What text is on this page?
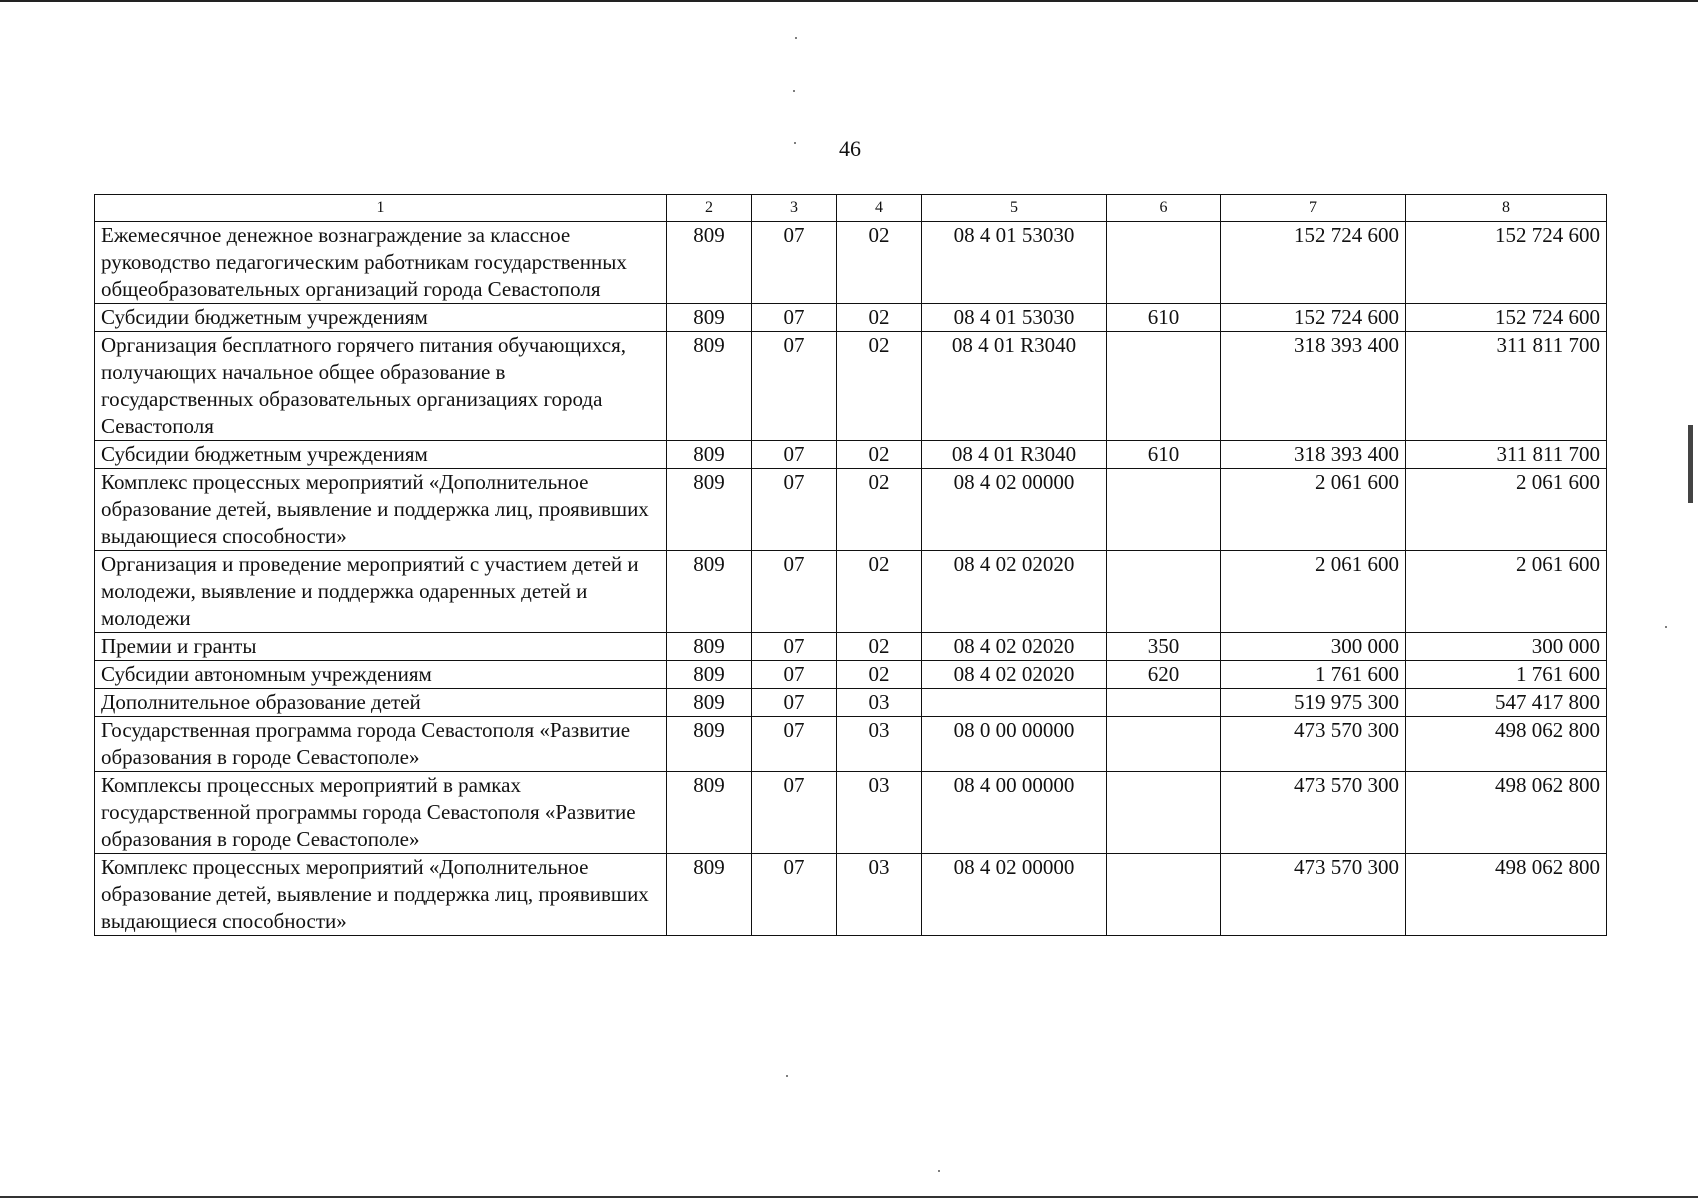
46
1	2	3	4	5	6	7	8
Ежемесячное денежное вознаграждение за классное руководство педагогическим работникам государственных общеобразовательных организаций города Севастополя	809	07	02	08 4 01 53030		152 724 600	152 724 600
Субсидии бюджетным учреждениям	809	07	02	08 4 01 53030	610	152 724 600	152 724 600
Организация бесплатного горячего питания обучающихся, получающих начальное общее образование в государственных образовательных организациях города Севастополя	809	07	02	08 4 01 R3040		318 393 400	311 811 700
Субсидии бюджетным учреждениям	809	07	02	08 4 01 R3040	610	318 393 400	311 811 700
Комплекс процессных мероприятий «Дополнительное образование детей, выявление и поддержка лиц, проявивших выдающиеся способности»	809	07	02	08 4 02 00000		2 061 600	2 061 600
Организация и проведение мероприятий с участием детей и молодежи, выявление и поддержка одаренных детей и молодежи	809	07	02	08 4 02 02020		2 061 600	2 061 600
Премии и гранты	809	07	02	08 4 02 02020	350	300 000	300 000
Субсидии автономным учреждениям	809	07	02	08 4 02 02020	620	1 761 600	1 761 600
Дополнительное образование детей	809	07	03			519 975 300	547 417 800
Государственная программа города Севастополя «Развитие образования в городе Севастополе»	809	07	03	08 0 00 00000		473 570 300	498 062 800
Комплексы процессных мероприятий в рамках государственной программы города Севастополя «Развитие образования в городе Севастополе»	809	07	03	08 4 00 00000		473 570 300	498 062 800
Комплекс процессных мероприятий «Дополнительное образование детей, выявление и поддержка лиц, проявивших выдающиеся способности»	809	07	03	08 4 02 00000		473 570 300	498 062 800
